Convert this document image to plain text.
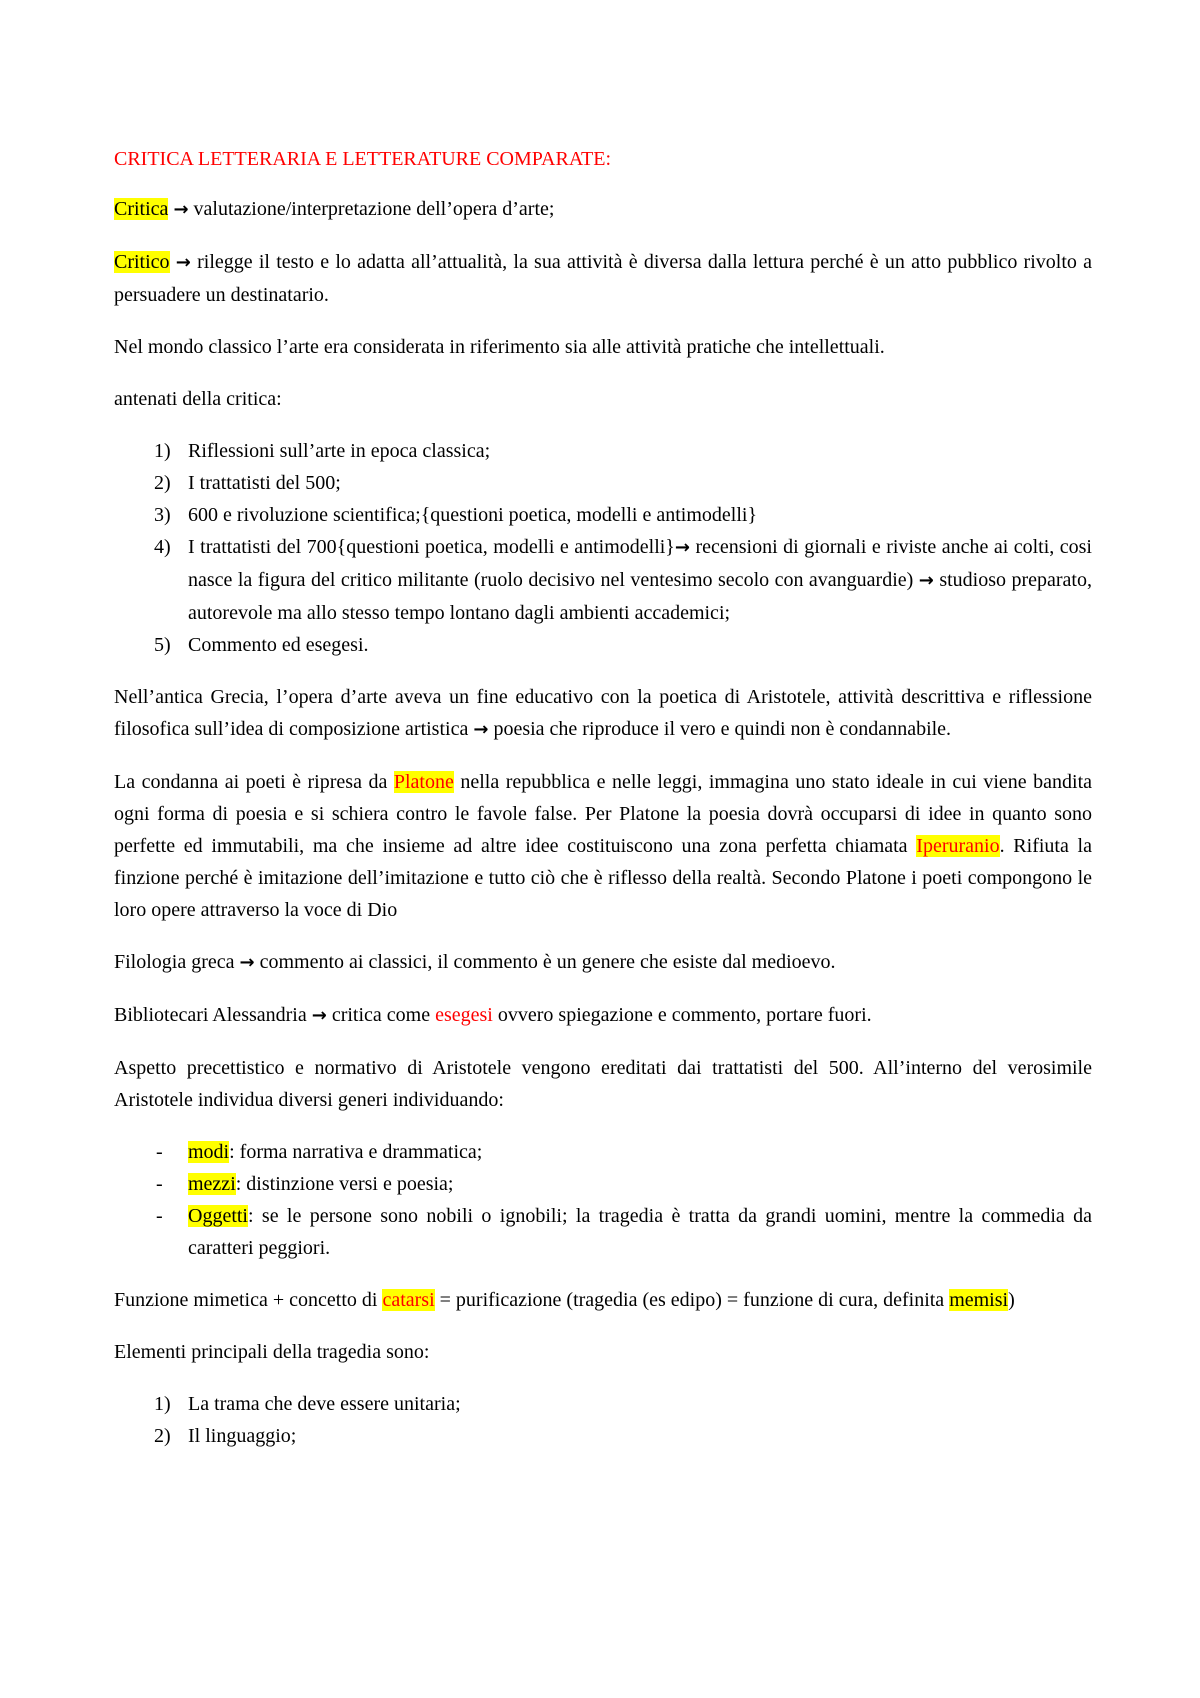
CRITICA LETTERARIA E LETTERATURE COMPARATE:

Critica → valutazione/interpretazione dell’opera d’arte;

Critico → rilegge il testo e lo adatta all’attualità, la sua attività è diversa dalla lettura perché è un atto pubblico rivolto a persuadere un destinatario.

Nel mondo classico l’arte era considerata in riferimento sia alle attività pratiche che intellettuali.

antenati della critica:

1) Riflessioni sull’arte in epoca classica;
2) I trattatisti del 500;
3) 600 e rivoluzione scientifica;{questioni poetica, modelli e antimodelli}
4) I trattatisti del 700{questioni poetica, modelli e antimodelli}→ recensioni di giornali e riviste anche ai colti, cosi nasce la figura del critico militante (ruolo decisivo nel ventesimo secolo con avanguardie) → studioso preparato, autorevole ma allo stesso tempo lontano dagli ambienti accademici;
5) Commento ed esegesi.

Nell’antica Grecia, l’opera d’arte aveva un fine educativo con la poetica di Aristotele, attività descrittiva e riflessione filosofica sull’idea di composizione artistica → poesia che riproduce il vero e quindi non è condannabile.

La condanna ai poeti è ripresa da Platone nella repubblica e nelle leggi, immagina uno stato ideale in cui viene bandita ogni forma di poesia e si schiera contro le favole false. Per Platone la poesia dovrà occuparsi di idee in quanto sono perfette ed immutabili, ma che insieme ad altre idee costituiscono una zona perfetta chiamata Iperuranio. Rifiuta la finzione perché è imitazione dell’imitazione e tutto ciò che è riflesso della realtà. Secondo Platone i poeti compongono le loro opere attraverso la voce di Dio

Filologia greca → commento ai classici, il commento è un genere che esiste dal medioevo.

Bibliotecari Alessandria → critica come esegesi ovvero spiegazione e commento, portare fuori.

Aspetto precettistico e normativo di Aristotele vengono ereditati dai trattatisti del 500. All’interno del verosimile Aristotele individua diversi generi individuando:

- modi: forma narrativa e drammatica;
- mezzi: distinzione versi e poesia;
- Oggetti: se le persone sono nobili o ignobili; la tragedia è tratta da grandi uomini, mentre la commedia da caratteri peggiori.

Funzione mimetica + concetto di catarsi = purificazione (tragedia (es edipo) = funzione di cura, definita memisi)

Elementi principali della tragedia sono:

1) La trama che deve essere unitaria;
2) Il linguaggio;
